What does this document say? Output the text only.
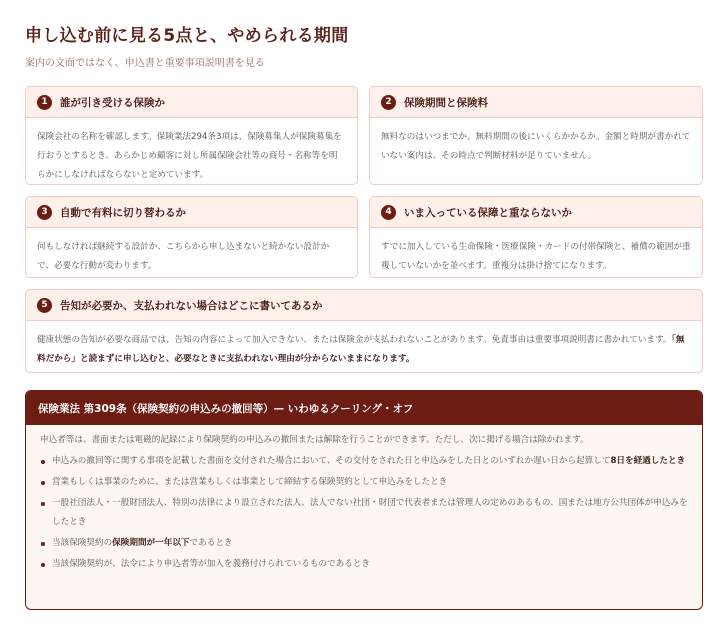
申し込む前に見る5点と、やめられる期間

案内の文面ではなく、申込書と重要事項説明書を見る

1	誰が引き受ける保険か
保険会社の名称を確認します。保険業法294条3項は、保険募集人が保険募集を行おうとするとき、あらかじめ顧客に対し所属保険会社等の商号・名称等を明らかにしなければならないと定めています。
2	保険期間と保険料
無料なのはいつまでか。無料期間の後にいくらかかるか。金額と時期が書かれていない案内は、その時点で判断材料が足りていません。
3	自動で有料に切り替わるか
何もしなければ継続する設計か、こちらから申し込まないと続かない設計かで、必要な行動が変わります。
4	いま入っている保障と重ならないか
すでに加入している生命保険・医療保険・カードの付帯保険と、補償の範囲が重複していないかを並べます。重複分は掛け捨てになります。
5	告知が必要か、支払われない場合はどこに書いてあるか
健康状態の告知が必要な商品では、告知の内容によって加入できない、または保険金が支払われないことがあります。免責事由は重要事項説明書に書かれています。「無料だから」と読まずに申し込むと、必要なときに支払われない理由が分からないままになります。
保険業法 第309条（保険契約の申込みの撤回等）— いわゆるクーリング・オフ

申込者等は、書面または電磁的記録により保険契約の申込みの撤回または解除を行うことができます。ただし、次に掲げる場合は除かれます。

申込みの撤回等に関する事項を記載した書面を交付された場合において、その交付をされた日と申込みをした日とのいずれか遅い日から起算して8日を経過したとき
営業もしくは事業のために、または営業もしくは事業として締結する保険契約として申込みをしたとき
一般社団法人・一般財団法人、特別の法律により設立された法人、法人でない社団・財団で代表者または管理人の定めのあるもの、国または地方公共団体が申込みをしたとき
当該保険契約の保険期間が一年以下であるとき
当該保険契約が、法令により申込者等が加入を義務付けられているものであるとき
